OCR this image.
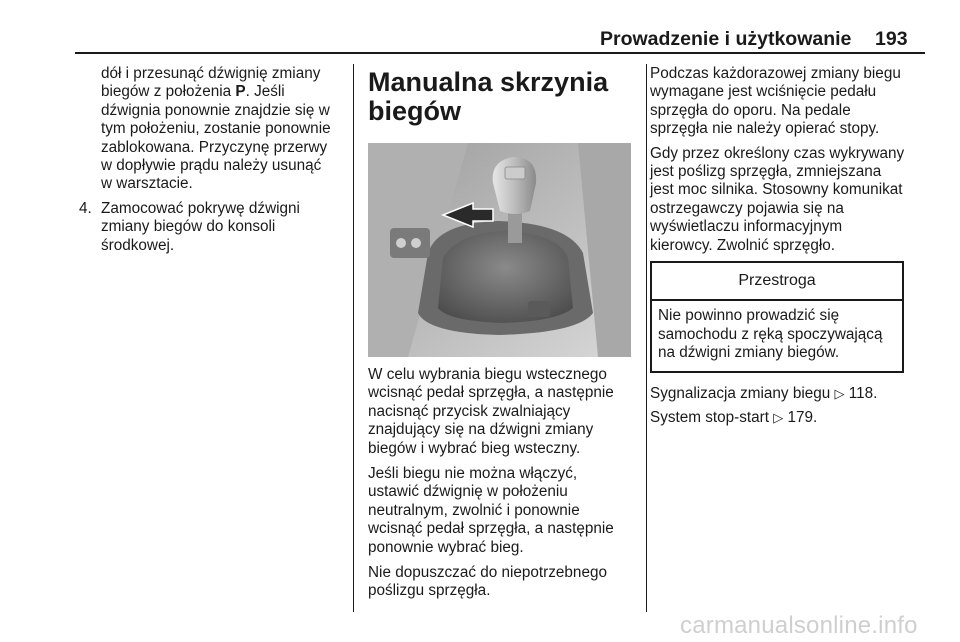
Prowadzenie i użytkowanie 193
dół i przesunąć dźwignię zmiany
biegów z położenia P. Jeśli
dźwignia ponownie znajdzie się w
tym położeniu, zostanie ponownie
zablokowana. Przyczynę przerwy
w dopływie prądu należy usunąć
w warsztacie.
4. Zamocować pokrywę dźwigni
zmiany biegów do konsoli
środkowej.
Manualna skrzynia
biegów

W celu wybrania biegu wstecznego
wcisnąć pedał sprzęgła, a następnie
nacisnąć przycisk zwalniający
znajdujący się na dźwigni zmiany
biegów i wybrać bieg wsteczny.

Jeśli biegu nie można włączyć,
ustawić dźwignię w położeniu
neutralnym, zwolnić i ponownie
wcisnąć pedał sprzęgła, a następnie
ponownie wybrać bieg.

Nie dopuszczać do niepotrzebnego
poślizgu sprzęgła.

Podczas każdorazowej zmiany biegu
wymagane jest wciśnięcie pedału
sprzęgła do oporu. Na pedale
sprzęgła nie należy opierać stopy.

Gdy przez określony czas wykrywany
jest poślizg sprzęgła, zmniejszana
jest moc silnika. Stosowny komunikat
ostrzegawczy pojawia się na
wyświetlaczu informacyjnym
kierowcy. Zwolnić sprzęgło.

Przestroga
Nie powinno prowadzić się
samochodu z ręką spoczywającą
na dźwigni zmiany biegów.

Sygnalizacja zmiany biegu ▷ 118.

System stop-start ▷ 179.

carmanualsonline.info
